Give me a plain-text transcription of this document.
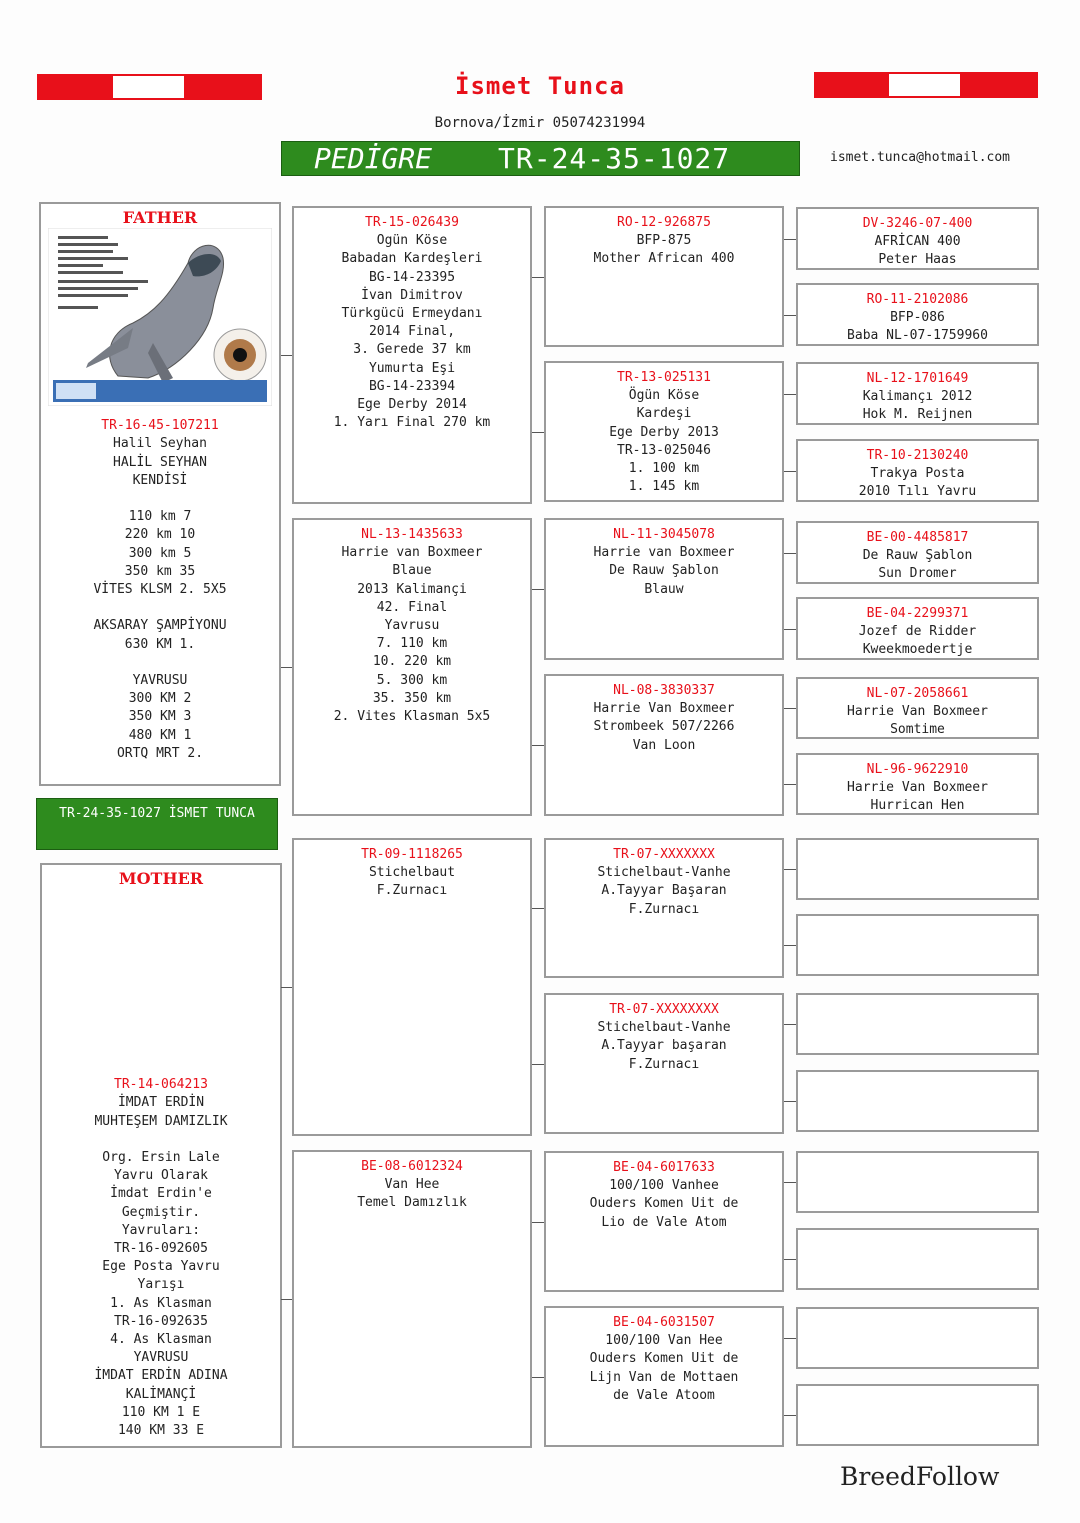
İsmet Tunca
Bornova/İzmir 05074231994
PEDİGRE TR-24-35-1027	ismet.tunca@hotmail.com
FATHER
TR-16-45-107211
Halil Seyhan
HALİL SEYHAN
KENDİSİ

110 km 7
220 km 10
300 km 5
350 km 35
VİTES KLSM 2. 5X5

AKSARAY ŞAMPİYONU
630 KM 1.

YAVRUSU
300 KM 2
350 KM 3
480 KM 1
ORTQ MRT 2.
TR-24-35-1027 İSMET TUNCA
MOTHER
TR-14-064213
İMDAT ERDİN
MUHTEŞEM DAMIZLIK

Org. Ersin Lale
Yavru Olarak
İmdat Erdin'e
Geçmiştir.
Yavruları:
TR-16-092605
Ege Posta Yavru
Yarışı
1. As Klasman
TR-16-092635
4. As Klasman
YAVRUSU
İMDAT ERDİN ADINA
KALİMANÇİ
110 KM 1 E
140 KM 33 E
TR-15-026439
Ogün Köse
Babadan Kardeşleri
BG-14-23395
İvan Dimitrov
Türkgücü Ermeydanı
2014 Final,
3. Gerede 37 km
Yumurta Eşi
BG-14-23394
Ege Derby 2014
1. Yarı Final 270 km
NL-13-1435633
Harrie van Boxmeer
Blaue
2013 Kalimançi
42. Final
Yavrusu
7. 110 km
10. 220 km
5. 300 km
35. 350 km
2. Vites Klasman 5x5
TR-09-1118265
Stichelbaut
F.Zurnacı
BE-08-6012324
Van Hee
Temel Damızlık
RO-12-926875
BFP-875
Mother African 400
TR-13-025131
Ögün Köse
Kardeşi
Ege Derby 2013
TR-13-025046
1. 100 km
1. 145 km
NL-11-3045078
Harrie van Boxmeer
De Rauw Şablon
Blauw
NL-08-3830337
Harrie Van Boxmeer
Strombeek 507/2266
Van Loon
TR-07-XXXXXXX
Stichelbaut-Vanhe
A.Tayyar Başaran
F.Zurnacı
TR-07-XXXXXXXX
Stichelbaut-Vanhe
A.Tayyar başaran
F.Zurnacı
BE-04-6017633
100/100 Vanhee
Ouders Komen Uit de
Lio de Vale Atom
BE-04-6031507
100/100 Van Hee
Ouders Komen Uit de
Lijn Van de Mottaen
de Vale Atoom
DV-3246-07-400
AFRİCAN 400
Peter Haas
RO-11-2102086
BFP-086
Baba NL-07-1759960
NL-12-1701649
Kalimançı 2012
Hok M. Reijnen
TR-10-2130240
Trakya Posta
2010 Tılı Yavru
BE-00-4485817
De Rauw Şablon
Sun Dromer
BE-04-2299371
Jozef de Ridder
Kweekmoedertje
NL-07-2058661
Harrie Van Boxmeer
Somtime
NL-96-9622910
Harrie Van Boxmeer
Hurrican Hen
BreedFollow
